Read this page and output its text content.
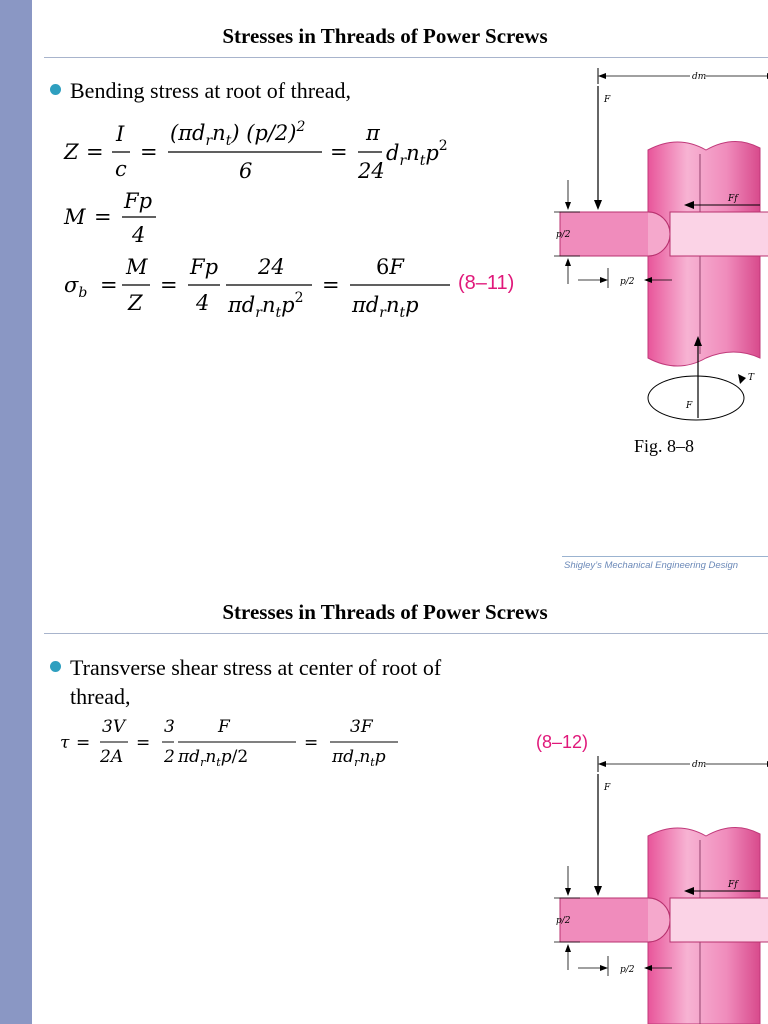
Stresses in Threads of Power Screws
Bending stress at root of thread,
Z =
I
c
=
$(\pi d_rn_t)$ $(p/2)^2$
6
=
π
24
$d_rn_tp^2$
M =
Fp
4
$\sigma_b$ =
M
Z
=
Fp
4
24
$\pi d_rn_tp^2$
=
6F
$\pi d_rn_tp$
(8–11)
dm
F
Ff
p/2
p/2
F
T
Fig. 8–8
Shigley’s Mechanical Engineering Design
Stresses in Threads of Power Screws
Transverse shear stress at center of root of thread,
τ =
3V
2A
=
3
2
F
$\pi d_rn_tp/2$
=
3F
$\pi d_rn_tp$
(8–12)
dm
F
Ff
p/2
p/2
